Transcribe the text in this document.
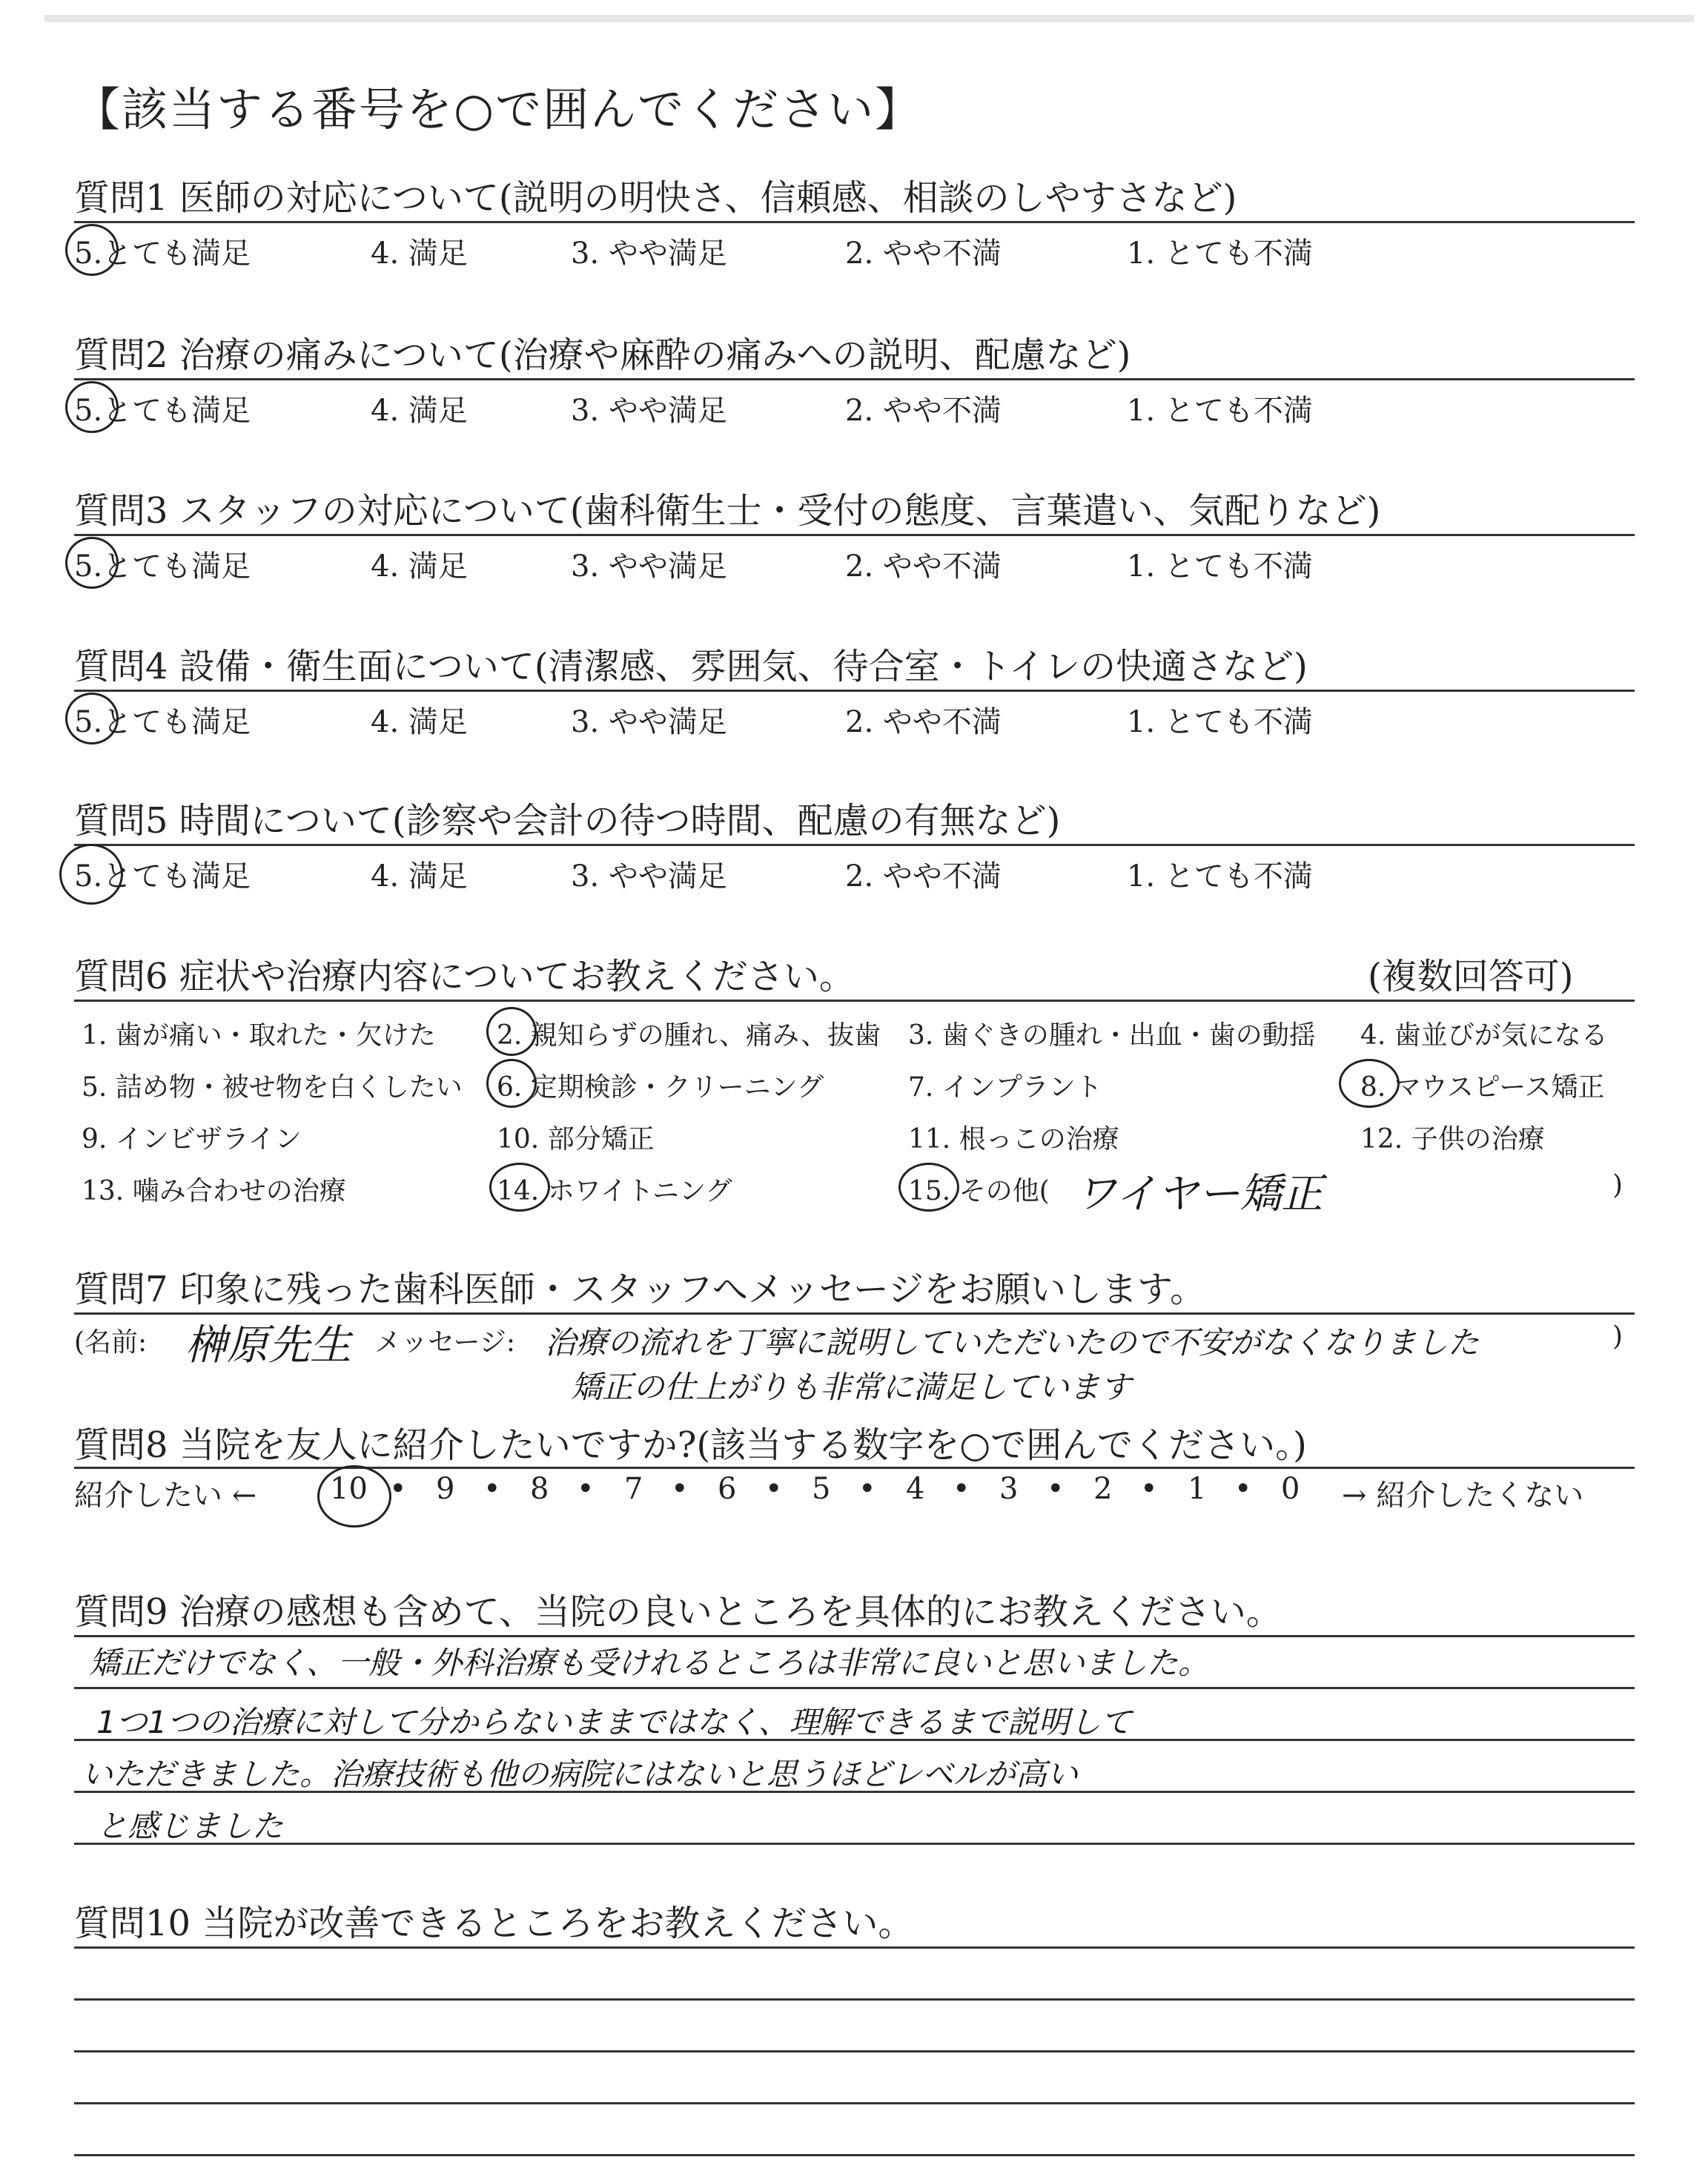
【該当する番号を○で囲んでください】
質問1 医師の対応について(説明の明快さ、信頼感、相談のしやすさなど)
5.とても満足	4. 満足	3. やや満足	2. やや不満	1. とても不満
質問2 治療の痛みについて(治療や麻酔の痛みへの説明、配慮など)
5.とても満足	4. 満足	3. やや満足	2. やや不満	1. とても不満
質問3 スタッフの対応について(歯科衛生士・受付の態度、言葉遣い、気配りなど)
5.とても満足	4. 満足	3. やや満足	2. やや不満	1. とても不満
質問4 設備・衛生面について(清潔感、雰囲気、待合室・トイレの快適さなど)
5.とても満足	4. 満足	3. やや満足	2. やや不満	1. とても不満
質問5 時間について(診察や会計の待つ時間、配慮の有無など)
5.とても満足	4. 満足	3. やや満足	2. やや不満	1. とても不満
質問6 症状や治療内容についてお教えください。	(複数回答可)
1. 歯が痛い・取れた・欠けた 2. 親知らずの腫れ、痛み、抜歯 3. 歯ぐきの腫れ・出血・歯の動揺 4. 歯並びが気になる
5. 詰め物・被せ物を白くしたい 6. 定期検診・クリーニング	7. インプラント	8. マウスピース矯正
9. インビザライン	10. 部分矯正	11. 根っこの治療	12. 子供の治療
13. 噛み合わせの治療	14. ホワイトニング	15. その他( ワイヤー矯正	)
質問7 印象に残った歯科医師・スタッフへメッセージをお願いします。
(名前: 榊原先生 メッセージ: 治療の流れを丁寧に説明していただいたので不安がなくなりました	)
矯正の仕上がりも非常に満足しています
質問8 当院を友人に紹介したいですか?(該当する数字を○で囲んでください。)
紹介したい ← 10 • 9 • 8 • 7 • 6 • 5 • 4 • 3 • 2 • 1 • 0 → 紹介したくない
質問9 治療の感想も含めて、当院の良いところを具体的にお教えください。
矯正だけでなく、一般・外科治療も受けれるところは非常に良いと思いました。
1つ1つの治療に対して分からないままではなく、理解できるまで説明して
いただきました。治療技術も他の病院にはないと思うほどレベルが高い
と感じました
質問10 当院が改善できるところをお教えください。
